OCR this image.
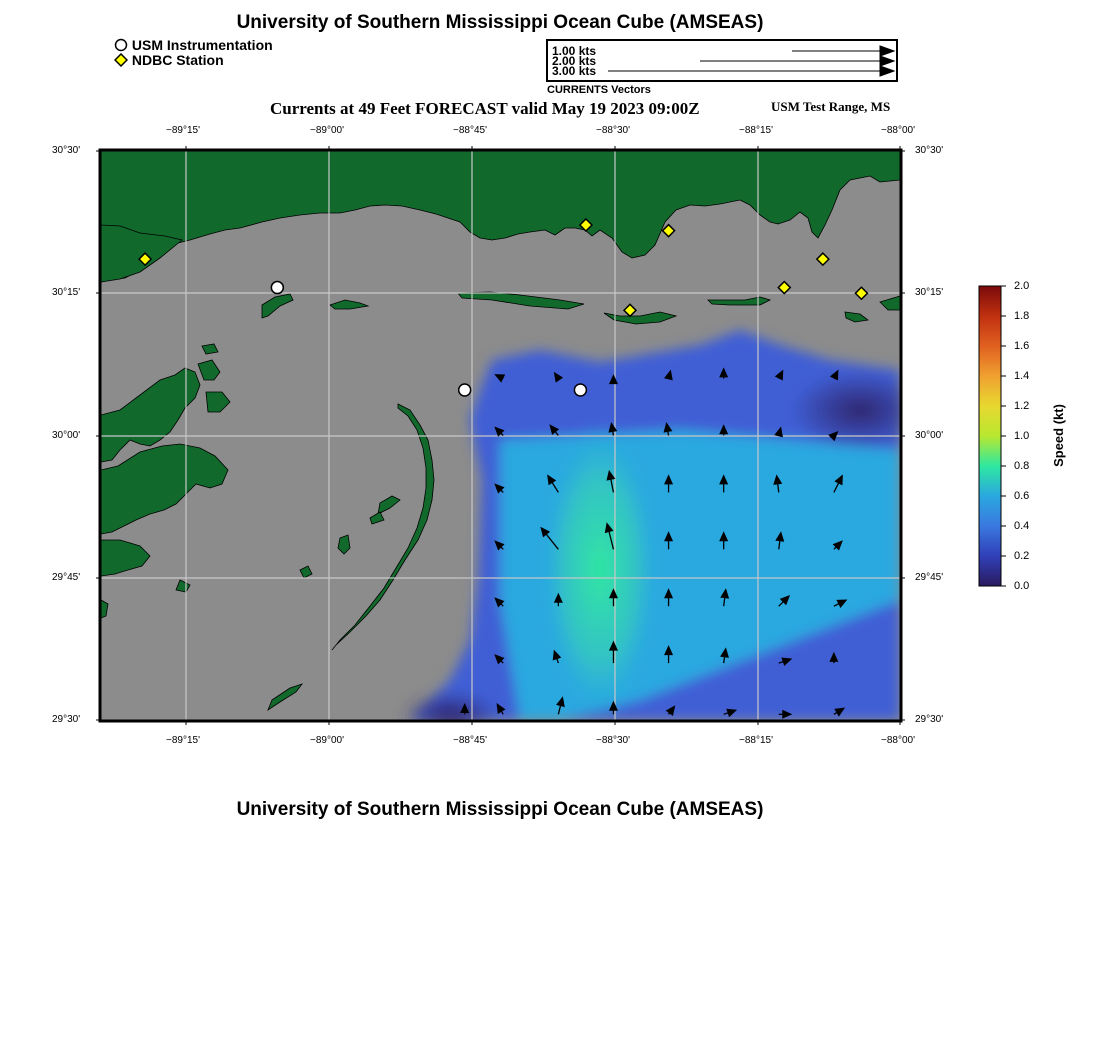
University of Southern Mississippi Ocean Cube (AMSEAS)
USM Instrumentation
NDBC Station
1.00 kts
2.00 kts
3.00 kts
CURRENTS Vectors
Currents at 49 Feet FORECAST valid May 19 2023 09:00Z	USM Test Range, MS
−89°15'	−89°00'	−88°45'	−88°30'	−88°15'	−88°00'
−89°15'	−89°00'	−88°45'	−88°30'	−88°15'	−88°00'
30°30'
30°15'
30°00'
29°45'
29°30'
30°30'
30°15'
30°00'
29°45'
29°30'
2.0
1.8
1.6
1.4
1.2
1.0
0.8
0.6
0.4
0.2
0.0
Speed (kt)
University of Southern Mississippi Ocean Cube (AMSEAS)
